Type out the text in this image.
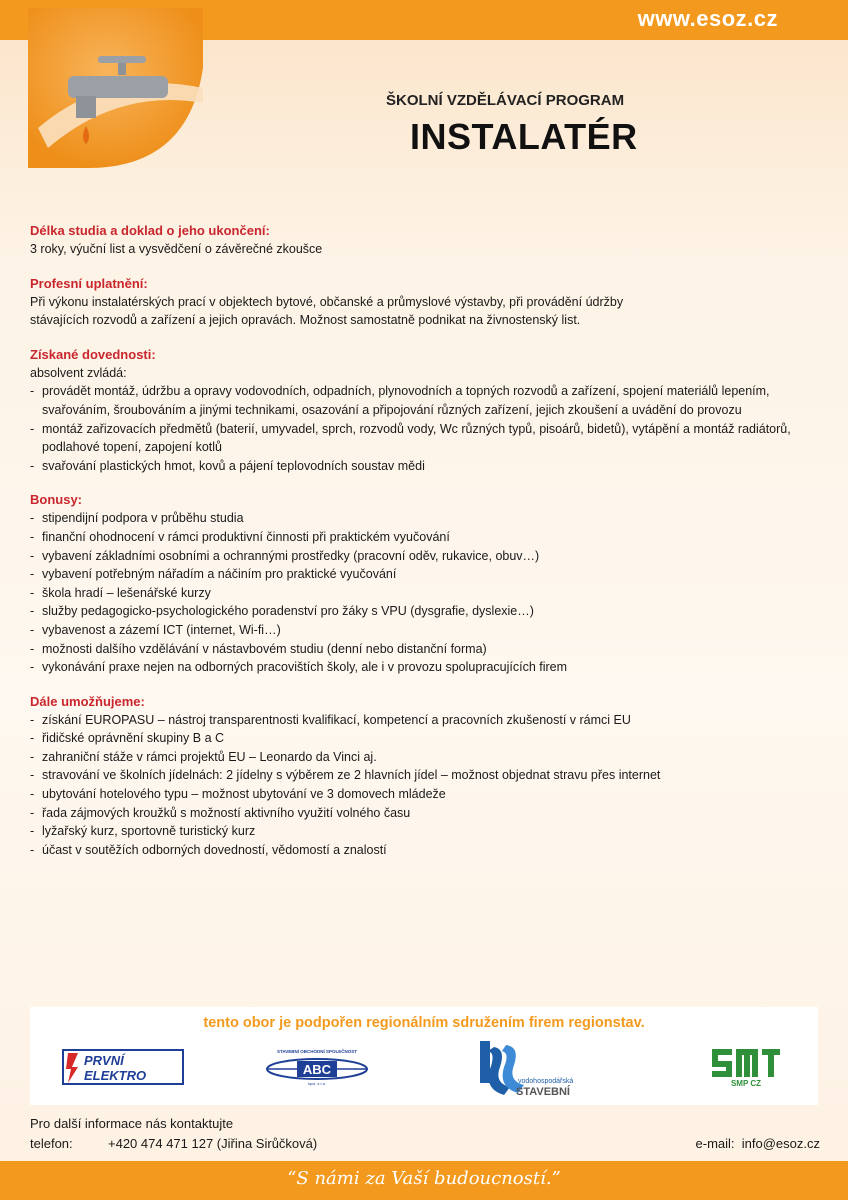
www.esoz.cz
ŠKOLNÍ VZDĚLÁVACÍ PROGRAM
INSTALATÉR
Délka studia a doklad o jeho ukončení:
3 roky, výuční list a vysvědčení o závěrečné zkoušce
Profesní uplatnění:
Při výkonu instalatérských prací v objektech bytové, občanské a průmyslové výstavby, při provádění údržby
stávajících rozvodů a zařízení a jejich opravách. Možnost samostatně podnikat na živnostenský list.
Získané dovednosti:
absolvent zvládá:
- provádět montáž, údržbu a opravy vodovodních, odpadních, plynovodních a topných rozvodů a zařízení, spojení materiálů lepením, svařováním, šroubováním a jinými technikami, osazování a připojování různých zařízení, jejich zkoušení a uvádění do provozu
- montáž zařizovacích předmětů (baterií, umyvadel, sprch, rozvodů vody, Wc různých typů, pisoárů, bidetů), vytápění a montáž radiátorů, podlahové topení, zapojení kotlů
- svařování plastických hmot, kovů a pájení teplovodních soustav mědi
Bonusy:
- stipendijní podpora v průběhu studia
- finanční ohodnocení v rámci produktivní činnosti při praktickém vyučování
- vybavení základními osobními a ochrannými prostředky (pracovní oděv, rukavice, obuv…)
- vybavení potřebným nářadím a náčiním pro praktické vyučování
- škola hradí – lešenářské kurzy
- služby pedagogicko-psychologického poradenství pro žáky s VPU (dysgrafie, dyslexie…)
- vybavenost a zázemí ICT (internet, Wi-fi…)
- možnosti dalšího vzdělávání v nástavbovém studiu (denní nebo distanční forma)
- vykonávání praxe nejen na odborných pracovištích školy, ale i v provozu spolupracujících firem
Dále umožňujeme:
- získání EUROPASU – nástroj transparentnosti kvalifikací, kompetencí a pracovních zkušeností v rámci EU
- řidičské oprávnění skupiny B a C
- zahraniční stáže v rámci projektů EU – Leonardo da Vinci aj.
- stravování ve školních jídelnách: 2 jídelny s výběrem ze 2 hlavních jídel – možnost objednat stravu přes internet
- ubytování hotelového typu – možnost ubytování ve 3 domovech mládeže
- řada zájmových kroužků s možností aktivního využití volného času
- lyžařský kurz, sportovně turistický kurz
- účast v soutěžích odborných dovedností, vědomostí a znalostí
tento obor je podpořen regionálním sdružením firem regionstav.
PRVNÍ
ELEKTRO
STAVEBNÍ OBCHODNÍ SPOLEČNOST
ABC
spol. s r.o.	vodohospodářská
STAVEBNÍ
SMP CZ
Pro další informace nás kontaktujte
telefon:	+420 474 471 127 (Jiřina Sirůčková)	e-mail: info@esoz.cz
“S námi za Vaší budoucností.”
